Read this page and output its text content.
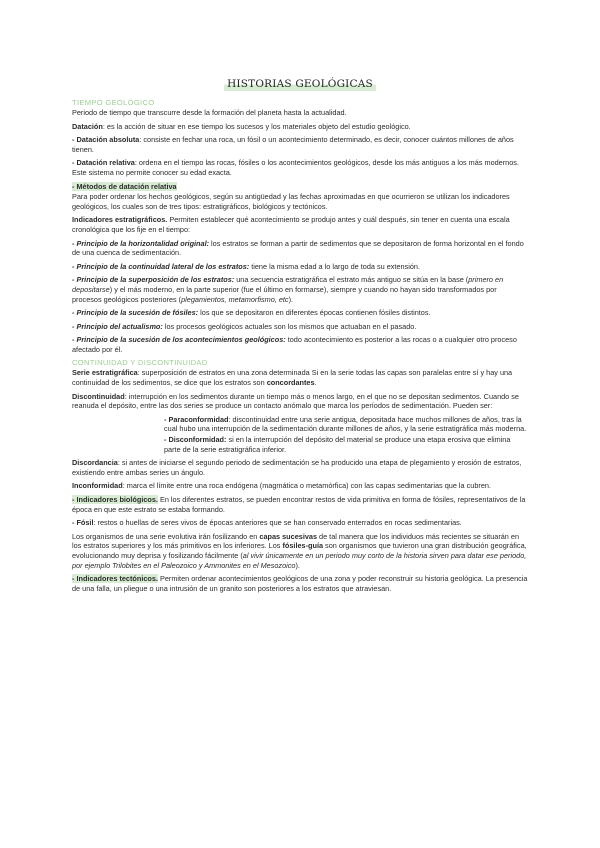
HISTORIAS GEOLÓGICAS
TIEMPO GEOLÓGICO

Periodo de tiempo que transcurre desde la formación del planeta hasta la actualidad.

Datación: es la acción de situar en ese tiempo los sucesos y los materiales objeto del estudio geológico.

- Datación absoluta: consiste en fechar una roca, un fósil o un acontecimiento determinado, es decir, conocer cuántos millones de años tienen.

- Datación relativa: ordena en el tiempo las rocas, fósiles o los acontecimientos geológicos, desde los más antiguos a los más modernos. Este sistema no permite conocer su edad exacta.

- Métodos de datación relativa

Para poder ordenar los hechos geológicos, según su antigüedad y las fechas aproximadas en que ocurrieron se utilizan los indicadores geológicos, los cuales son de tres tipos: estratigráficos, biológicos y tectónicos.

Indicadores estratigráficos. Permiten establecer qué acontecimiento se produjo antes y cuál después, sin tener en cuenta una escala cronológica que los fije en el tiempo:

- Principio de la horizontalidad original: los estratos se forman a partir de sedimentos que se depositaron de forma horizontal en el fondo de una cuenca de sedimentación.

- Principio de la continuidad lateral de los estratos: tiene la misma edad a lo largo de toda su extensión.

- Principio de la superposición de los estratos: una secuencia estratigráfica el estrato más antiguo se sitúa en la base (primero en depositarse) y el más moderno, en la parte superior (fue el último en formarse), siempre y cuando no hayan sido transformados por procesos geológicos posteriores (plegamientos, metamorfismo, etc).

- Principio de la sucesión de fósiles: los que se depositaron en diferentes épocas contienen fósiles distintos.

- Principio del actualismo: los procesos geológicos actuales son los mismos que actuaban en el pasado.

- Principio de la sucesión de los acontecimientos geológicos: todo acontecimiento es posterior a las rocas o a cualquier otro proceso afectado por él.

CONTINUIDAD Y DISCONTINUIDAD

Serie estratigráfica: superposición de estratos en una zona determinada Si en la serie todas las capas son paralelas entre sí y hay una continuidad de los sedimentos, se dice que los estratos son concordantes.

Discontinuidad: interrupción en los sedimentos durante un tiempo más o menos largo, en el que no se depositan sedimentos. Cuando se reanuda el depósito, entre las dos series se produce un contacto anómalo que marca los períodos de sedimentación. Pueden ser:

- Paraconformidad: discontinuidad entre una serie antigua, depositada hace muchos millones de años, tras la cual hubo una interrupción de la sedimentación durante millones de años, y la serie estratigráfica más moderna.

- Disconformidad: si en la interrupción del depósito del material se produce una etapa erosiva que elimina parte de la serie estratigráfica inferior.

Discordancia: si antes de iniciarse el segundo periodo de sedimentación se ha producido una etapa de plegamiento y erosión de estratos, existiendo entre ambas series un ángulo.

Inconformidad: marca el límite entre una roca endógena (magmática o metamórfica) con las capas sedimentarias que la cubren.

- Indicadores biológicos. En los diferentes estratos, se pueden encontrar restos de vida primitiva en forma de fósiles, representativos de la época en que este estrato se estaba formando.

- Fósil: restos o huellas de seres vivos de épocas anteriores que se han conservado enterrados en rocas sedimentarias.

Los organismos de una serie evolutiva irán fosilizando en capas sucesivas de tal manera que los individuos más recientes se situarán en los estratos superiores y los más primitivos en los inferiores. Los fósiles-guía son organismos que tuvieron una gran distribución geográfica, evolucionando muy deprisa y fosilizando fácilmente (al vivir únicamente en un periodo muy corto de la historia sirven para datar ese periodo, por ejemplo Trilobites en el Paleozoico y Ammonites en el Mesozoico).

- Indicadores tectónicos. Permiten ordenar acontecimientos geológicos de una zona y poder reconstruir su historia geológica. La presencia de una falla, un pliegue o una intrusión de un granito son posteriores a los estratos que atraviesan.
